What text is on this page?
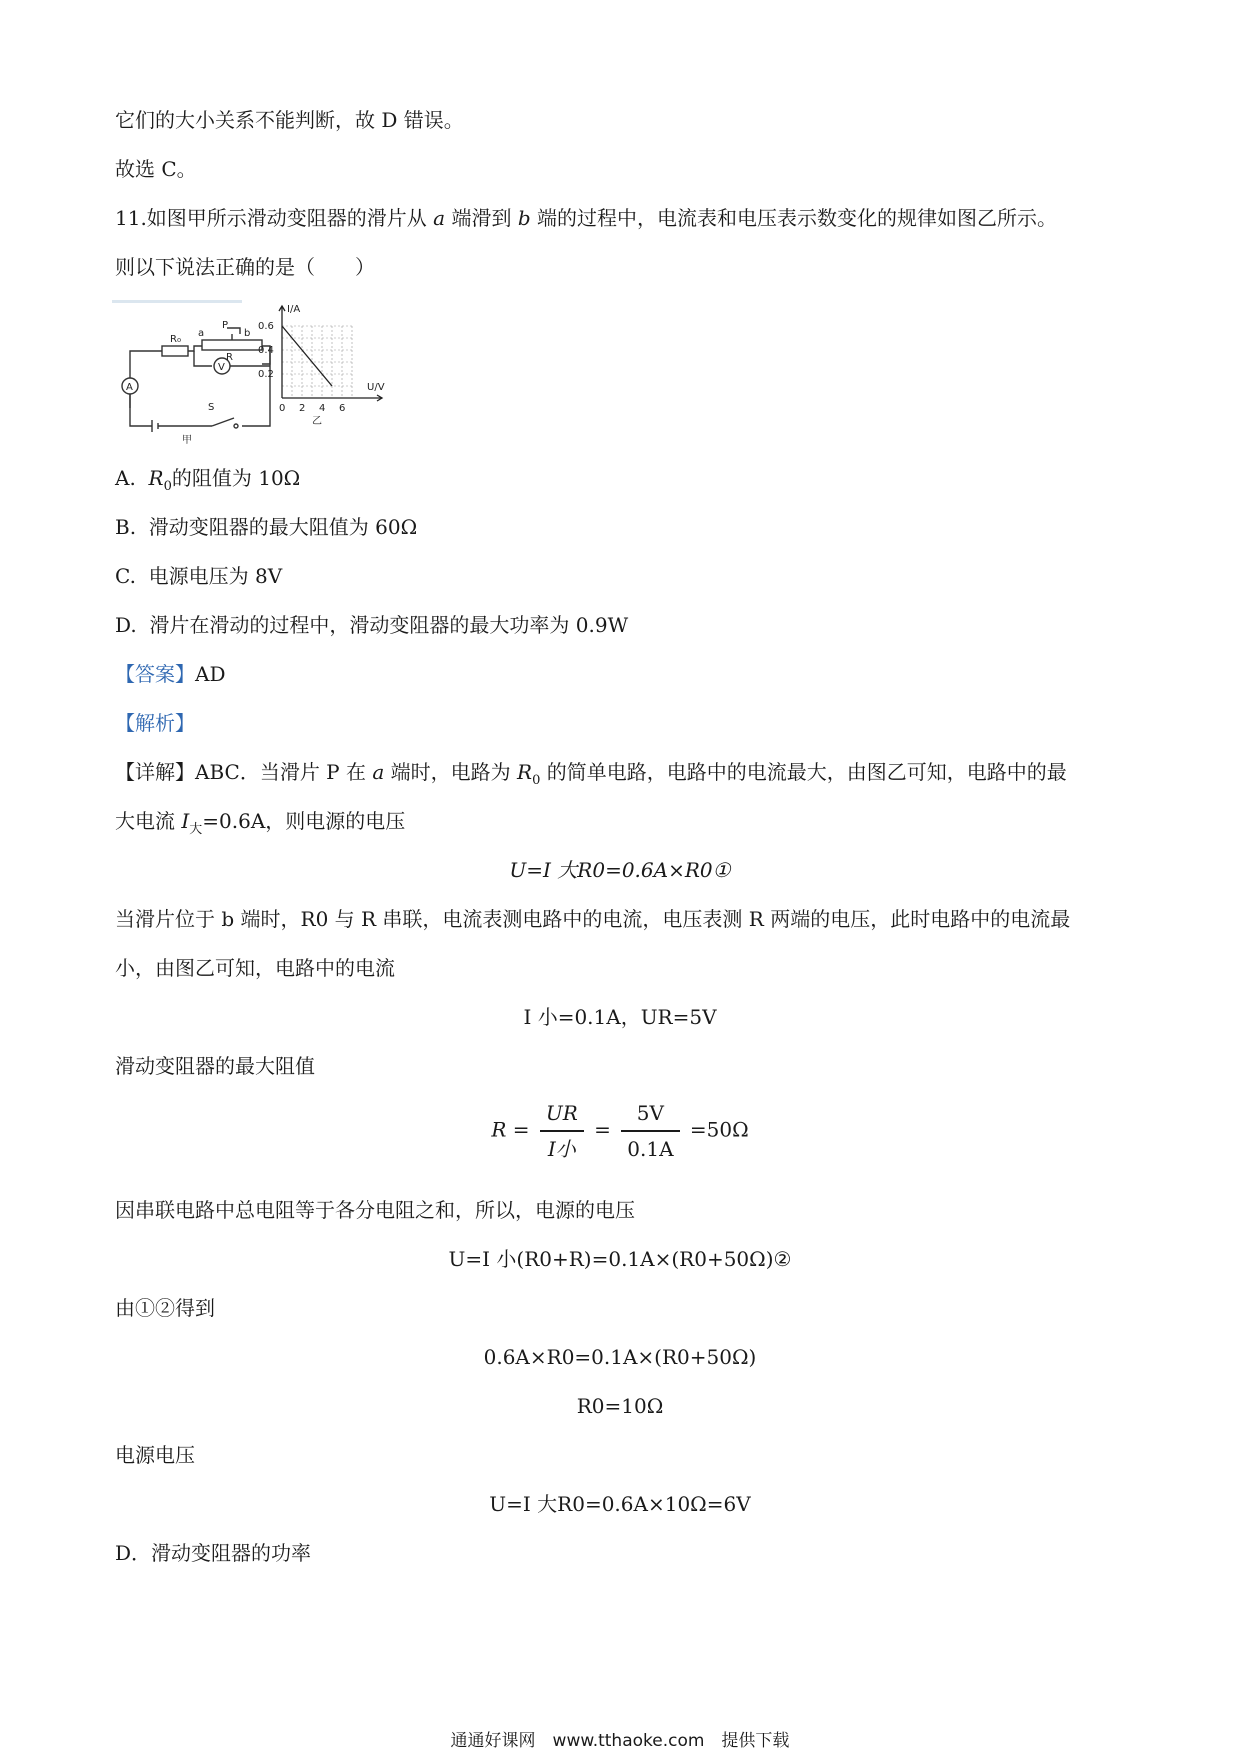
它们的大小关系不能判断，故 D 错误。
故选 C。
11.如图甲所示滑动变阻器的滑片从 a 端滑到 b 端的过程中，电流表和电压表示数变化的规律如图乙所示。
则以下说法正确的是（　　）
R₀
a
P
b
R
V
A
S
甲
I/A
U/V
0.6
0.4
0.2
0 2 4 6
乙
A. $R_0$的阻值为 10Ω
B. 滑动变阻器的最大阻值为 60Ω
C. 电源电压为 8V
D. 滑片在滑动的过程中，滑动变阻器的最大功率为 0.9W
【答案】AD
【解析】
【详解】ABC．当滑片 P 在 a 端时，电路为 $R_0$ 的简单电路，电路中的电流最大，由图乙可知，电路中的最
大电流 $I_大=0.6A$，则电源的电压
U=I 大R0=0.6A×R0①
当滑片位于 b 端时，R0 与 R 串联，电流表测电路中的电流，电压表测 R 两端的电压，此时电路中的电流最
小，由图乙可知，电路中的电流
I 小=0.1A，UR=5V
滑动变阻器的最大阻值
$R = \frac{UR}{\text{I小}} = \frac{5V}{0.1A} =50\Omega$
因串联电路中总电阻等于各分电阻之和，所以，电源的电压
U=I 小(R0+R)=0.1A×(R0+50Ω)②
由①②得到
0.6A×R0=0.1A×(R0+50Ω)
R0=10Ω
电源电压
U=I 大R0=0.6A×10Ω=6V
D．滑动变阻器的功率
通通好课网　www.tthaoke.com　提供下载
